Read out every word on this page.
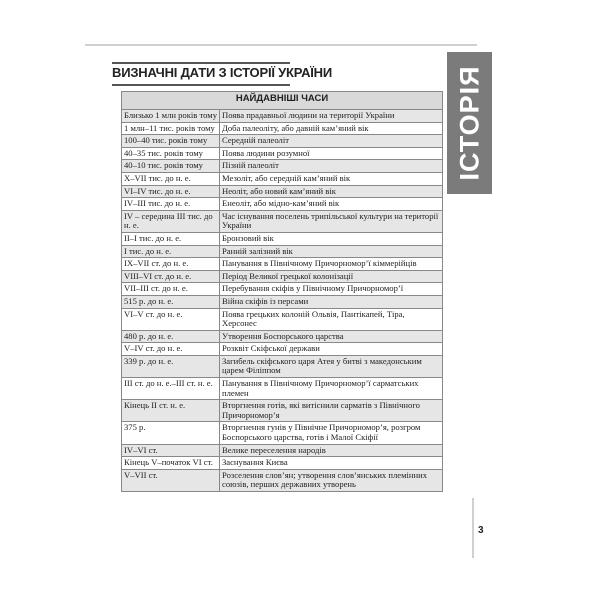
ІСТОРІЯ
ВИЗНАЧНІ ДАТИ З ІСТОРІЇ УКРАЇНИ
НАЙДАВНІШІ ЧАСИ	
Близько 1 млн років тому	Поява прадавньої людини на території України
1 млн–11 тис. років тому	Доба палеоліту, або давній кам’яний вік
100–40 тис. років тому	Середній палеоліт
40–35 тис. років тому	Поява людини розумної
40–10 тис. років тому	Пізній палеоліт
Х–VII тис. до н. е.	Мезоліт, або середній кам’яний вік
VI–IV тис. до н. е.	Неоліт, або новий кам’яний вік
IV–III тис. до н. е.	Енеоліт, або мідно-кам’яний вік
IV – середина III тис. до н. е.	Час існування поселень трипільської культури на території України
II–I тис. до н. е.	Бронзовий вік
I тис. до н. е.	Ранній залізний вік
IX–VII ст. до н. е.	Панування в Північному Причорномор’ї кіммерійців
VIII–VI ст. до н. е.	Період Великої грецької колонізації
VII–III ст. до н. е.	Перебування скіфів у Північному Причорномор’ї
515 р. до н. е.	Війна скіфів із персами
VI–V ст. до н. е.	Поява грецьких колоній Ольвія, Пантікапей, Тіра, Херсонес
480 р. до н. е.	Утворення Боспорського царства
V–IV ст. до н. е.	Розквіт Скіфської держави
339 р. до н. е.	Загибель скіфського царя Атея у битві з македонським царем Філіппом
III ст. до н. е.–III ст. н. е.	Панування в Північному Причорномор’ї сарматських племен
Кінець II ст. н. е.	Вторгнення готів, які витіснили сарматів з Північного Причорномор’я
375 р.	Вторгнення гунів у Північне Причорномор’я, розгром Боспорського царства, готів і Малої Скіфії
IV–VI ст.	Велике переселення народів
Кінець V–початок VI ст.	Заснування Києва
V–VII ст.	Розселення слов’ян; утворення слов’янських племінних союзів, перших державних утворень
3
